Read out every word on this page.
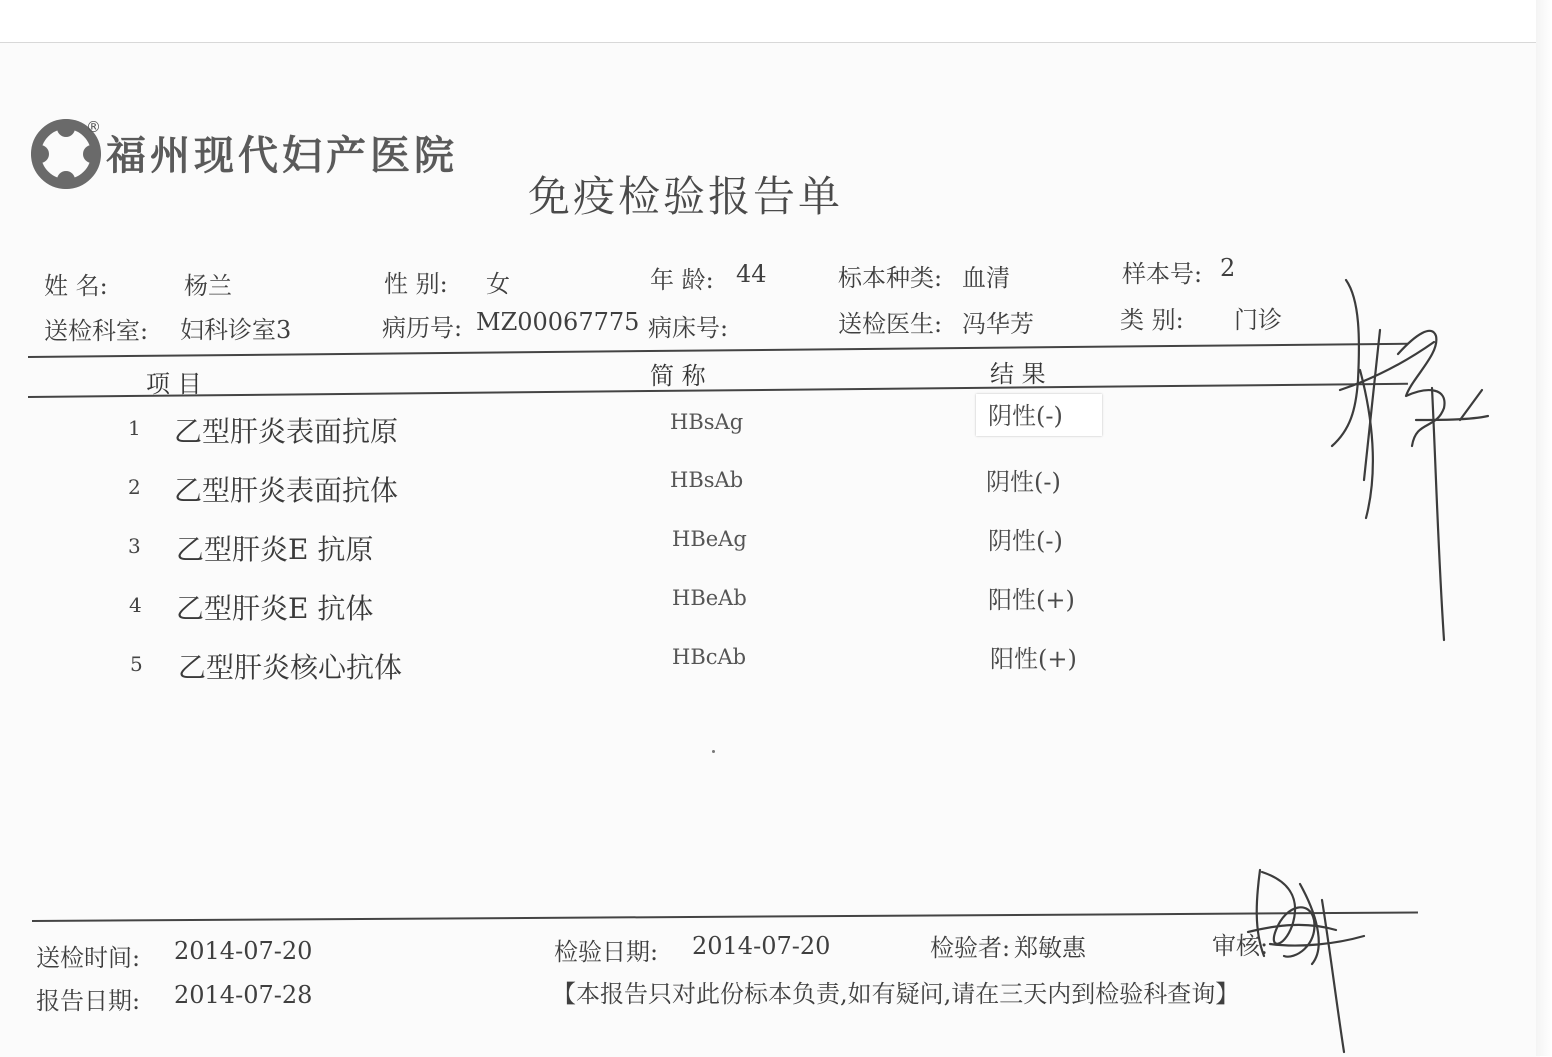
®
福州现代妇产医院
免疫检验报告单
姓 名:	杨兰	性 别: 女	年 龄: 44	标本种类: 血清	样本号: 2
送检科室: 妇科诊室3	病历号: MZ00067775 病床号:	送检医生: 冯华芳	类 别: 门诊
项 目	简 称	结 果
1 乙型肝炎表面抗原	HBsAg	阴性(-)
2 乙型肝炎表面抗体	HBsAb	阴性(-)
3 乙型肝炎E 抗原	HBeAg	阴性(-)
4 乙型肝炎E 抗体	HBeAb	阳性(+)
5 乙型肝炎核心抗体	HBcAb	阳性(+)
送检时间: 2014-07-20	检验日期: 2014-07-20	检验者: 郑敏惠	审核:
报告日期: 2014-07-28	【本报告只对此份标本负责,如有疑问,请在三天内到检验科查询】
